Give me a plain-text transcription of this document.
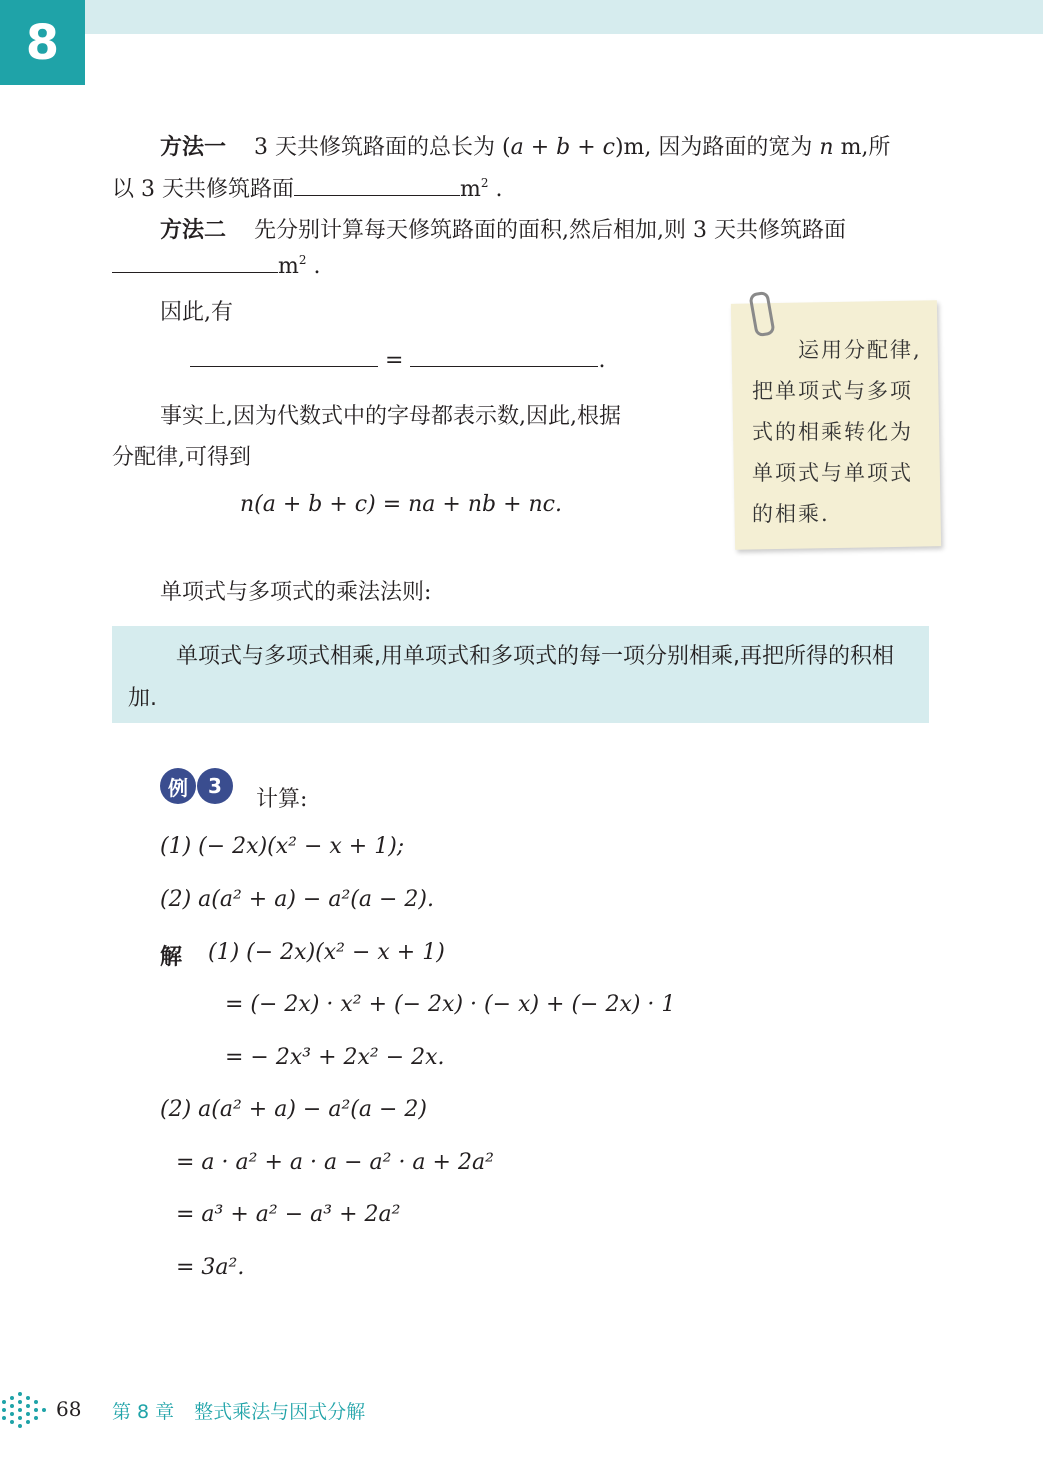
8
方法一 3 天共修筑路面的总长为 (a + b + c)m, 因为路面的宽为 n m,所
以 3 天共修筑路面	$m^2$ .
方法二 先分别计算每天修筑路面的面积,然后相加,则 3 天共修筑路面
$m^2$ .
因此,有
=	.
事实上,因为代数式中的字母都表示数,因此,根据
分配律,可得到
n(a + b + c) = na + nb + nc.
运用分配律,把单项式与多项式的相乘转化为单项式与单项式的相乘.
单项式与多项式的乘法法则:
单项式与多项式相乘,用单项式和多项式的每一项分别相乘,再把所得的积相加.
例 3
计算:
(1) (− 2x)(x² − x + 1);
(2) a(a² + a) − a²(a − 2).
解 (1) (− 2x)(x² − x + 1)
= (− 2x) · x² + (− 2x) · (− x) + (− 2x) · 1
= − 2x³ + 2x² − 2x.
(2) a(a² + a) − a²(a − 2)
= a · a² + a · a − a² · a + 2a²
= a³ + a² − a³ + 2a²
= 3a².
68 第 8 章 整式乘法与因式分解
